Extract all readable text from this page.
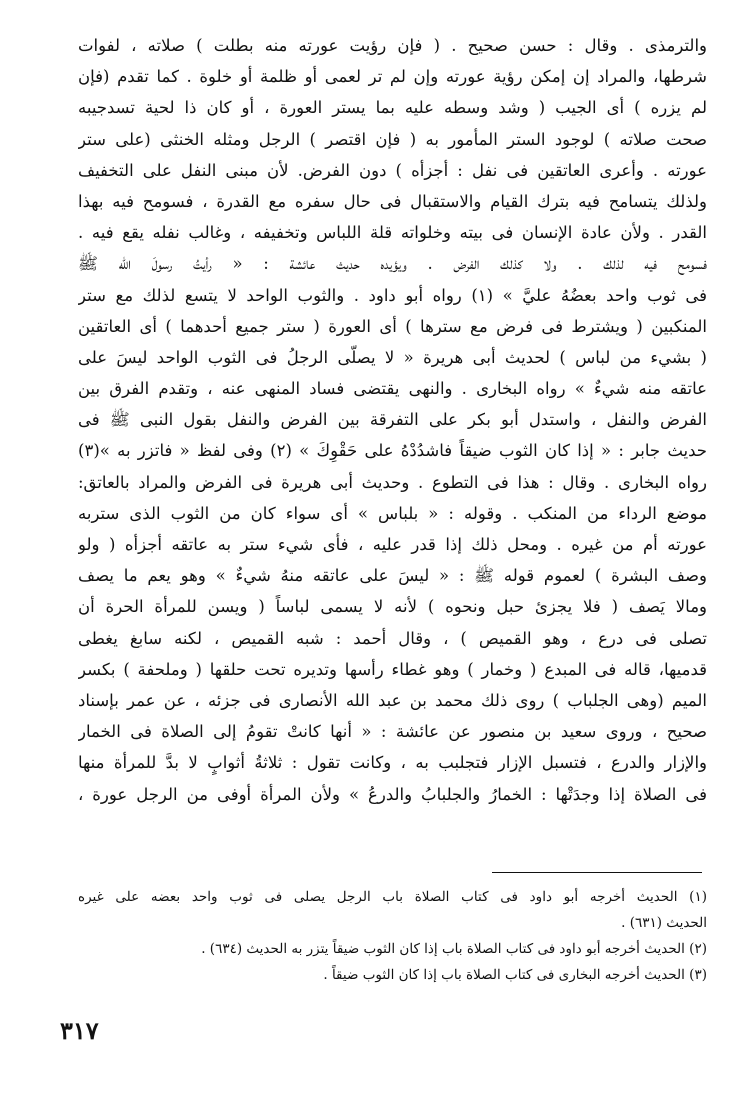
والترمذى . وقال : حسن صحيح . ( فإن رؤيت عورته منه بطلت ) صلاته ، لفوات
شرطها، والمراد إن إمكن رؤية عورته وإن لم تر لعمى أو ظلمة أو خلوة . كما تقدم (فإن
لم يزره ) أى الجيب ( وشد وسطه عليه بما يستر العورة ، أو كان ذا لحية تسدجيبه
صحت صلاته ) لوجود الستر المأمور به ( فإن اقتصر ) الرجل ومثله الخنثى (على ستر
عورته . وأعرى العاتقين فى نفل : أجزأه ) دون الفرض. لأن مبنى النفل على التخفيف
ولذلك يتسامح فيه بترك القيام والاستقبال فى حال سفره مع القدرة ، فسومح فيه بهذا
القدر . ولأن عادة الإنسان فى بيته وخلواته قلة اللباس وتخفيفه ، وغالب نفله يقع فيه .
فسومح فيه لذلك . ولا كذلك الفرض . ويؤيده حديث عائشة : « رأيتُ رسولَ الله ﷺ
فى ثوب واحد بعضُهُ عليَّ » (١) رواه أبو داود . والثوب الواحد لا يتسع لذلك مع ستر
المنكبين ( ويشترط فى فرض مع سترها ) أى العورة ( ستر جميع أحدهما ) أى العاتقين
( بشيء من لباس ) لحديث أبى هريرة « لا يصلّى الرجلُ فى الثوب الواحد ليسَ على
عاتقه منه شيءٌ » رواه البخارى . والنهى يقتضى فساد المنهى عنه ، وتقدم الفرق بين
الفرض والنفل ، واستدل أبو بكر على التفرقة بين الفرض والنفل بقول النبى ﷺ فى
حديث جابر : « إذا كان الثوب ضيقاً فاشدُدْهُ على حَقْوِكَ » (٢) وفى لفظ « فاتزر به »(٣)
رواه البخارى . وقال : هذا فى التطوع . وحديث أبى هريرة فى الفرض والمراد بالعاتق:
موضع الرداء من المنكب . وقوله : « بلباس » أى سواء كان من الثوب الذى ستربه
عورته أم من غيره . ومحل ذلك إذا قدر عليه ، فأى شيء ستر به عاتقه أجزأه ( ولو
وصف البشرة ) لعموم قوله ﷺ : « ليسَ على عاتقه منهُ شيءٌ » وهو يعم ما يصف
ومالا يَصف ( فلا يجزئ حبل ونحوه ) لأنه لا يسمى لباساً ( ويسن للمرأة الحرة أن
تصلى فى درع ، وهو القميص ) ، وقال أحمد : شبه القميص ، لكنه سابغ يغطى
قدميها، قاله فى المبدع ( وخمار ) وهو غطاء رأسها وتديره تحت حلقها ( وملحفة ) بكسر
الميم (وهى الجلباب ) روى ذلك محمد بن عبد الله الأنصارى فى جزئه ، عن عمر بإسناد
صحيح ، وروى سعيد بن منصور عن عائشة : « أنها كانتْ تقومُ إلى الصلاة فى الخمار
والإزار والدرع ، فتسبل الإزار فتجلبب به ، وكانت تقول : ثلاثةُ أثوابٍ لا بدَّ للمرأة منها
فى الصلاة إذا وجدَتْها : الخمارُ والجلبابُ والدرعُ » ولأن المرأة أوفى من الرجل عورة ،
(١) الحديث أخرجه أبو داود فى كتاب الصلاة باب الرجل يصلى فى ثوب واحد بعضه على غيره
الحديث (٦٣١) .
(٢) الحديث أخرجه أبو داود فى كتاب الصلاة باب إذا كان الثوب ضيقاً يتزر به الحديث (٦٣٤) .
(٣) الحديث أخرجه البخارى فى كتاب الصلاة باب إذا كان الثوب ضيقاً .
٣١٧
